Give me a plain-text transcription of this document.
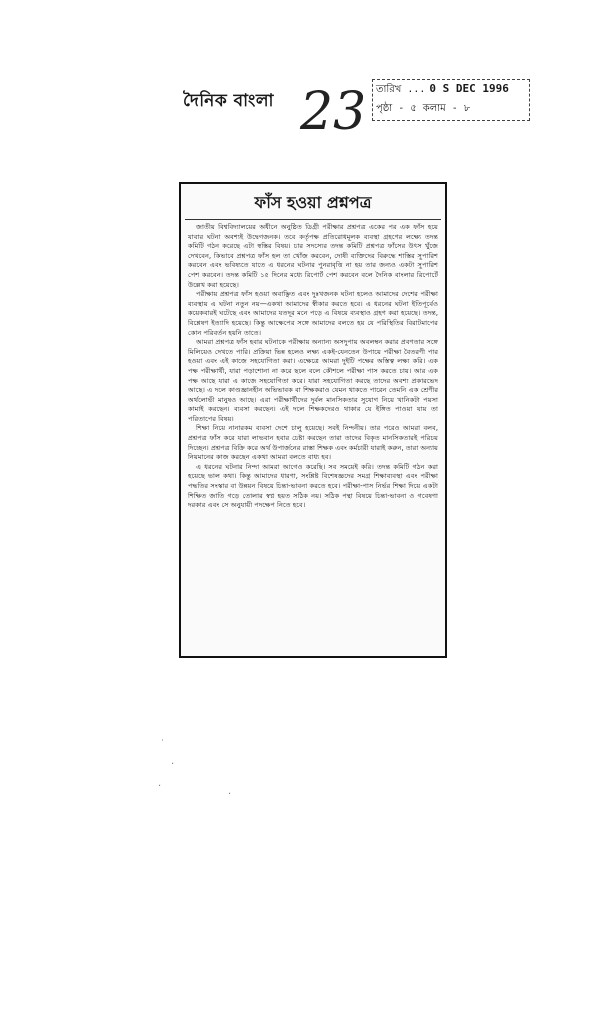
দৈনিক বাংলা 23 তারিখ ... 0 S DEC 1996
পৃষ্ঠা - ৫ কলাম - ৮
ফাঁস হওয়া প্রশ্নপত্র

জাতীয় বিশ্ববিদ্যালয়ের অধীনে অনুষ্ঠিত ডিগ্রী পরীক্ষার প্রশ্নপত্র একের পর এক ফাঁস হয়ে যাবার ঘটনা অবশ্যই উদ্বেগজনক। তবে কর্তৃপক্ষ প্রতিরোধমূলক ব্যবস্থা গ্রহণের লক্ষ্যে তদন্ত কমিটি গঠন করেছে এটা স্বস্তির বিষয়। চার সদস্যের তদন্ত কমিটি প্রশ্নপত্র ফাঁসের উৎস খুঁজে দেখবেন, কিভাবে প্রশ্নপত্র ফাঁস হল তা খোঁজ করবেন, দোষী ব্যক্তিদের বিরুদ্ধে শাস্তির সুপারিশ করবেন এবং ভবিষ্যতে যাতে এ ধরনের ঘটনার পুনরাবৃত্তি না হয় তার জন্যও একটা সুপারিশ পেশ করবেন। তদন্ত কমিটি ১৫ দিনের মধ্যে রিপোর্ট পেশ করবেন বলে দৈনিক বাংলার রিপোর্টে উল্লেখ করা হয়েছে।

পরীক্ষায় প্রশ্নপত্র ফাঁস হওয়া অবাঞ্ছিত এবং দুঃখজনক ঘটনা হলেও আমাদের দেশের পরীক্ষা ব্যবস্থায় এ ঘটনা নতুন নয়—একথা আমাদের স্বীকার করতে হবে। এ ধরনের ঘটনা ইতিপূর্বেও কয়েকবারই ঘটেছে এবং আমাদের যতদূর মনে পড়ে এ বিষয়ে ব্যবস্থাও গ্রহণ করা হয়েছে। তদন্ত, বিশ্লেষণ ইত্যাদি হয়েছে। কিন্তু আক্ষেপের সঙ্গে আমাদের বলতে হয় যে পরিস্থিতির বিরাটমাপের কোন পরিবর্তন হয়নি তাতে।

আমরা প্রশ্নপত্র ফাঁস হবার ঘটনাকে পরীক্ষায় অন্যান্য অসদুপায় অবলম্বন করার প্রবণতার সঙ্গে মিলিয়েও দেখতে পারি। প্রক্রিয়া ভিন্ন হলেও লক্ষ্য একই-যেনতেন উপায়ে পরীক্ষা বৈতরণী পার হওয়া এবং এই কাজে সহযোগিতা করা। এক্ষেত্রে আমরা দুইটি পক্ষের অস্তিত্ব লক্ষ্য করি। এক পক্ষ পরীক্ষার্থী, যারা পড়াশোনা না করে ছলে বলে কৌশলে পরীক্ষা পাস করতে চায়। আর এক পক্ষ আছে যারা এ কাজে সহযোগিতা করে। যারা সহযোগিতা করছে তাদের অবশ্য প্রকারভেদ আছে। এ দলে কাণ্ডজ্ঞানহীন অভিভাবক বা শিক্ষকরাও যেমন থাকতে পারেন তেমনি এক শ্রেণীর অর্থলোভী মানুষও আছে। এরা পরীক্ষার্থীদের দুর্বল মানসিকতার সুযোগ নিয়ে খানিকটা পয়সা কামাই করছেন। ব্যবসা করছেন। এই দলে শিক্ষকদেরও থাকার যে ইঙ্গিত পাওয়া যায় তা পরিতাপের বিষয়।

শিক্ষা নিয়ে নানারকম ব্যবসা দেশে চালু হয়েছে। সবই নিন্দনীয়। তার পরেও আমরা বলব, প্রশ্নপত্র ফাঁস করে যারা লাভবান হবার চেষ্টা করছেন তারা তাদের বিকৃত মানসিকতারই পরিচয় দিচ্ছেন। প্রশ্নপত্র বিক্রি করে অর্থ উপার্জনের রাস্তা শিক্ষক এবং কর্মচারী যারাই করুন, তারা অন্যায় নিয়মানের কাজ করছেন একথা আমরা বলতে বাধ্য হব।

এ ধরনের ঘটনার নিন্দা আমরা আগেও করেছি। সব সময়েই করি। তদন্ত কমিটি গঠন করা হয়েছে ভাল কথা। কিন্তু আমাদের ধারণা, সংশ্লিষ্ট বিশেষজ্ঞদের সমগ্র শিক্ষাব্যবস্থা এবং পরীক্ষা পদ্ধতির সংস্কার বা উন্নয়ন বিষয়ে চিন্তা-ভাবনা করতে হবে। পরীক্ষা-পাস নির্ভর শিক্ষা দিয়ে একটা শিক্ষিত জাতি গড়ে তোলার স্বপ্ন হয়ত সঠিক নয়। সঠিক পন্থা বিষয়ে চিন্তা-ভাবনা ও গবেষণা দরকার এবং সে অনুযায়ী পদক্ষেপ নিতে হবে।

˙
·
·
·
